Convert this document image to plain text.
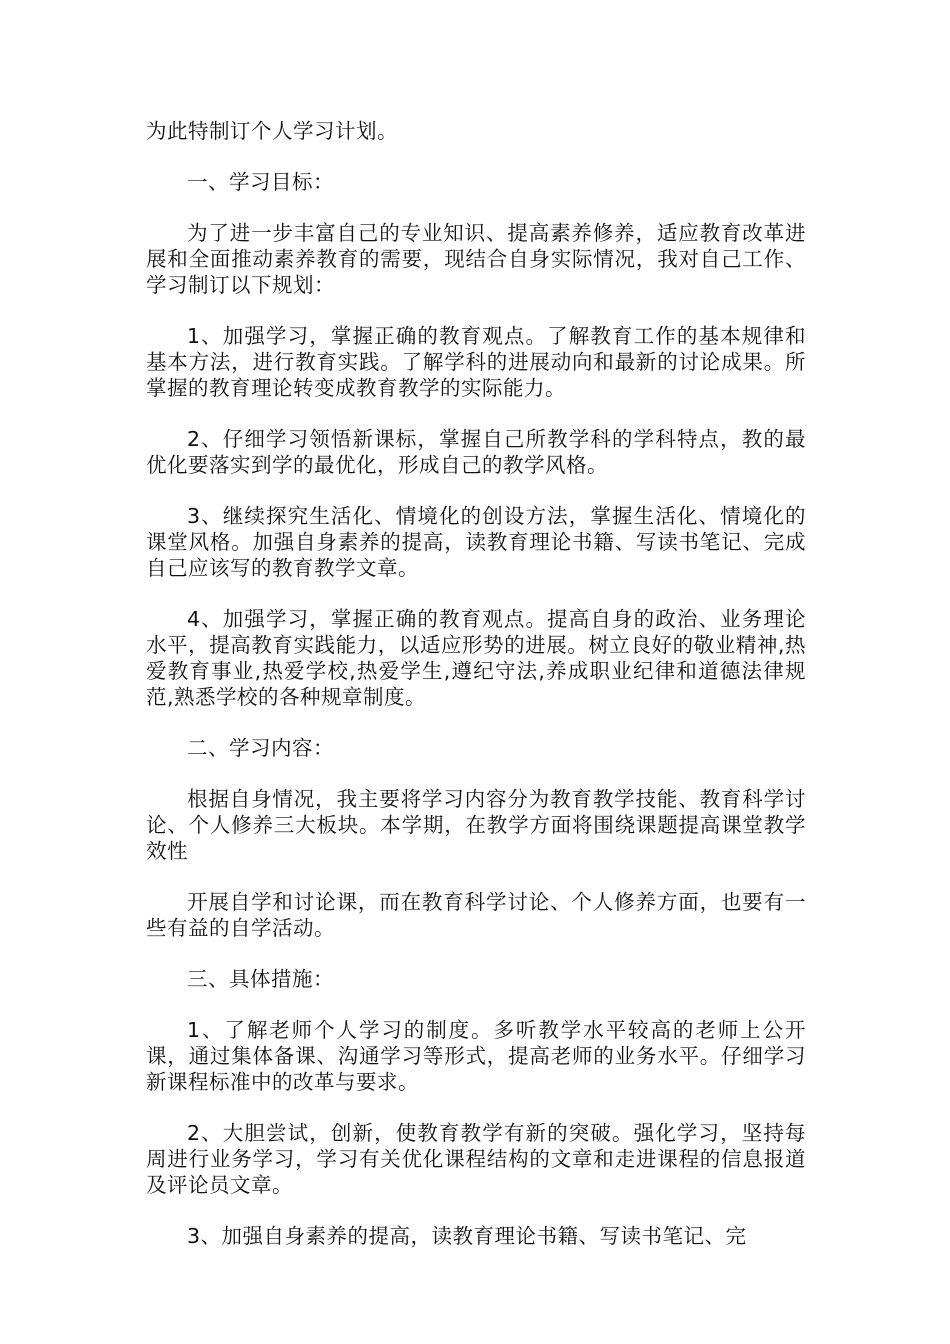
为此特制订个人学习计划。

一、学习目标：

为了进一步丰富自己的专业知识、提高素养修养，适应教育改革进展和全面推动素养教育的需要，现结合自身实际情况，我对自己工作、学习制订以下规划：

1、加强学习，掌握正确的教育观点。了解教育工作的基本规律和基本方法，进行教育实践。了解学科的进展动向和最新的讨论成果。所掌握的教育理论转变成教育教学的实际能力。

2、仔细学习领悟新课标，掌握自己所教学科的学科特点，教的最优化要落实到学的最优化，形成自己的教学风格。

3、继续探究生活化、情境化的创设方法，掌握生活化、情境化的课堂风格。加强自身素养的提高，读教育理论书籍、写读书笔记、完成自己应该写的教育教学文章。

4、加强学习，掌握正确的教育观点。提高自身的政治、业务理论水平，提高教育实践能力，以适应形势的进展。树立良好的敬业精神,热爱教育事业,热爱学校,热爱学生,遵纪守法,养成职业纪律和道德法律规范,熟悉学校的各种规章制度。

二、学习内容：

根据自身情况，我主要将学习内容分为教育教学技能、教育科学讨论、个人修养三大板块。本学期，在教学方面将围绕课题提高课堂教学效性

开展自学和讨论课，而在教育科学讨论、个人修养方面，也要有一些有益的自学活动。

三、具体措施：

1、了解老师个人学习的制度。多听教学水平较高的老师上公开课，通过集体备课、沟通学习等形式，提高老师的业务水平。仔细学习新课程标准中的改革与要求。

2、大胆尝试，创新，使教育教学有新的突破。强化学习，坚持每周进行业务学习，学习有关优化课程结构的文章和走进课程的信息报道及评论员文章。

3、加强自身素养的提高，读教育理论书籍、写读书笔记、完
